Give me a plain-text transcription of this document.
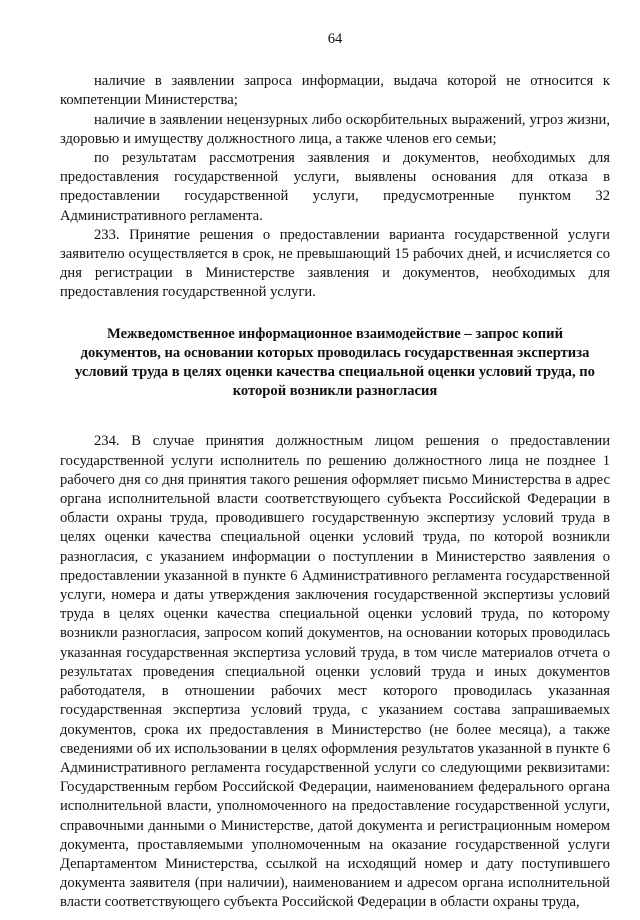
64

наличие в заявлении запроса информации, выдача которой не относится к компетенции Министерства;

наличие в заявлении нецензурных либо оскорбительных выражений, угроз жизни, здоровью и имуществу должностного лица, а также членов его семьи;

по результатам рассмотрения заявления и документов, необходимых для предоставления государственной услуги, выявлены основания для отказа в предоставлении государственной услуги, предусмотренные пунктом 32 Административного регламента.

233. Принятие решения о предоставлении варианта государственной услуги заявителю осуществляется в срок, не превышающий 15 рабочих дней, и исчисляется со дня регистрации в Министерстве заявления и документов, необходимых для предоставления государственной услуги.

Межведомственное информационное взаимодействие – запрос копий
документов, на основании которых проводилась государственная экспертиза
условий труда в целях оценки качества специальной оценки условий труда, по
которой возникли разногласия

234. В случае принятия должностным лицом решения о предоставлении государственной услуги исполнитель по решению должностного лица не позднее 1 рабочего дня со дня принятия такого решения оформляет письмо Министерства в адрес органа исполнительной власти соответствующего субъекта Российской Федерации в области охраны труда, проводившего государственную экспертизу условий труда в целях оценки качества специальной оценки условий труда, по которой возникли разногласия, с указанием информации о поступлении в Министерство заявления о предоставлении указанной в пункте 6 Административного регламента государственной услуги, номера и даты утверждения заключения государственной экспертизы условий труда в целях оценки качества специальной оценки условий труда, по которому возникли разногласия, запросом копий документов, на основании которых проводилась указанная государственная экспертиза условий труда, в том числе материалов отчета о результатах проведения специальной оценки условий труда и иных документов работодателя, в отношении рабочих мест которого проводилась указанная государственная экспертиза условий труда, с указанием состава запрашиваемых документов, срока их предоставления в Министерство (не более месяца), а также сведениями об их использовании в целях оформления результатов указанной в пункте 6 Административного регламента государственной услуги со следующими реквизитами: Государственным гербом Российской Федерации, наименованием федерального органа исполнительной власти, уполномоченного на предоставление государственной услуги, справочными данными о Министерстве, датой документа и регистрационным номером документа, проставляемыми уполномоченным на оказание государственной услуги Департаментом Министерства, ссылкой на исходящий номер и дату поступившего документа заявителя (при наличии), наименованием и адресом органа исполнительной власти соответствующего субъекта Российской Федерации в области охраны труда,
